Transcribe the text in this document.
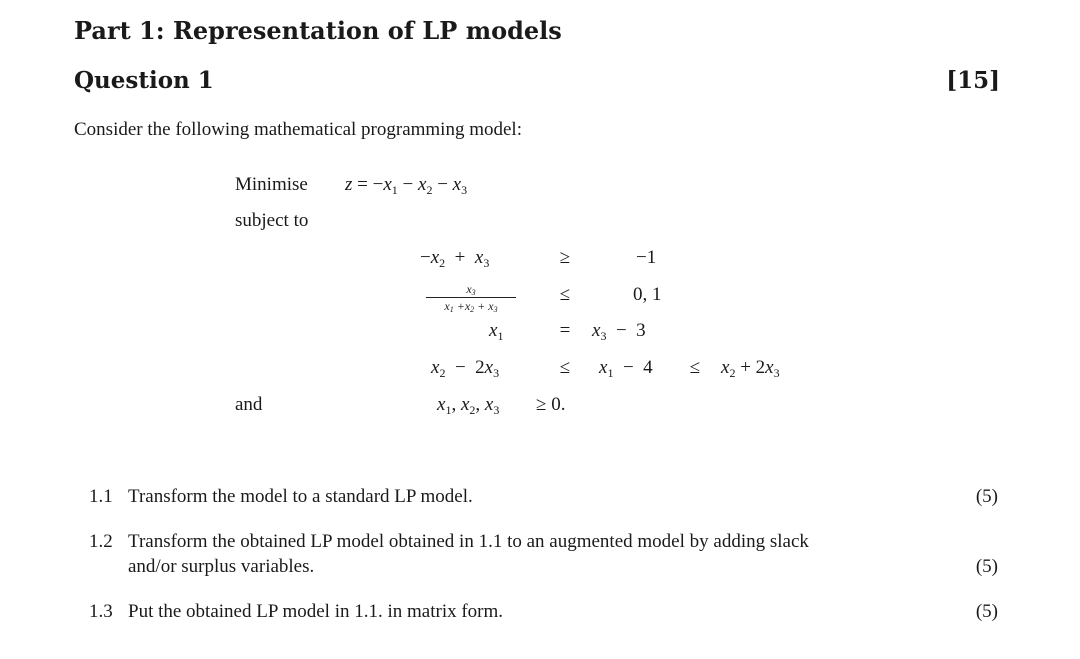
Part 1: Representation of LP models
Question 1	[15]
Consider the following mathematical programming model:
Minimise $z = -x_1 - x_2 - x_3$
subject to
$-x_2 + x_3$	≥	−1
$\frac{x_3}{x_1 +x_2 + x_3}$	≤	0, 1
$x_1$	=	$x_3 - 3$
$x_2 - 2x_3$	≤	$x_1 - 4$	≤	$x_2 + 2x_3$
and	$x_1$, $x_2$, $x_3 \ge 0$.
1.1 Transform the model to a standard LP model.	(5)
1.2 Transform the obtained LP model obtained in 1.1 to an augmented model by adding slack
and/or surplus variables.	(5)
1.3 Put the obtained LP model in 1.1. in matrix form.	(5)
